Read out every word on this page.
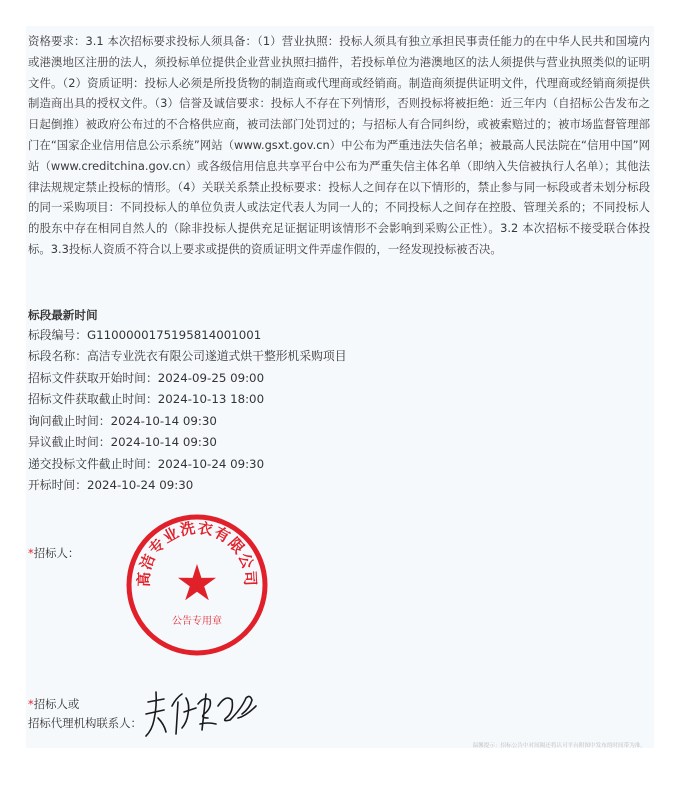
资格要求：3.1 本次招标要求投标人须具备：（1）营业执照：投标人须具有独立承担民事责任能力的在中华人民共和国境内或港澳地区注册的法人，须投标单位提供企业营业执照扫描件，若投标单位为港澳地区的法人须提供与营业执照类似的证明文件。（2）资质证明：投标人必须是所投货物的制造商或代理商或经销商。制造商须提供证明文件，代理商或经销商须提供制造商出具的授权文件。（3）信誉及诚信要求：投标人不存在下列情形，否则投标将被拒绝：近三年内（自招标公告发布之日起倒推）被政府公布过的不合格供应商，被司法部门处罚过的；与招标人有合同纠纷，或被索赔过的；被市场监督管理部门在“国家企业信用信息公示系统”网站（www.gsxt.gov.cn）中公布为严重违法失信名单；被最高人民法院在“信用中国”网站（www.creditchina.gov.cn）或各级信用信息共享平台中公布为严重失信主体名单（即纳入失信被执行人名单）；其他法律法规规定禁止投标的情形。（4）关联关系禁止投标要求：投标人之间存在以下情形的，禁止参与同一标段或者未划分标段的同一采购项目：不同投标人的单位负责人或法定代表人为同一人的；不同投标人之间存在控股、管理关系的；不同投标人的股东中存在相同自然人的（除非投标人提供充足证据证明该情形不会影响到采购公正性）。3.2 本次招标不接受联合体投标。3.3投标人资质不符合以上要求或提供的资质证明文件弄虚作假的，一经发现投标被否决。

标段最新时间
标段编号：G1100000175195814001001
标段名称：高洁专业洗衣有限公司遂道式烘干整形机采购项目
招标文件获取开始时间：2024-09-25 09:00
招标文件获取截止时间：2024-10-13 18:00
询问截止时间：2024-10-14 09:30
异议截止时间：2024-10-14 09:30
递交投标文件截止时间：2024-10-24 09:30
开标时间：2024-10-24 09:30
*招标人：
高洁专业洗衣有限公司
公告专用章
*招标人或
招标代理机构联系人：
温馨提示：招标公告中对间隔还将认可平台附图中发布的时间带为准。
